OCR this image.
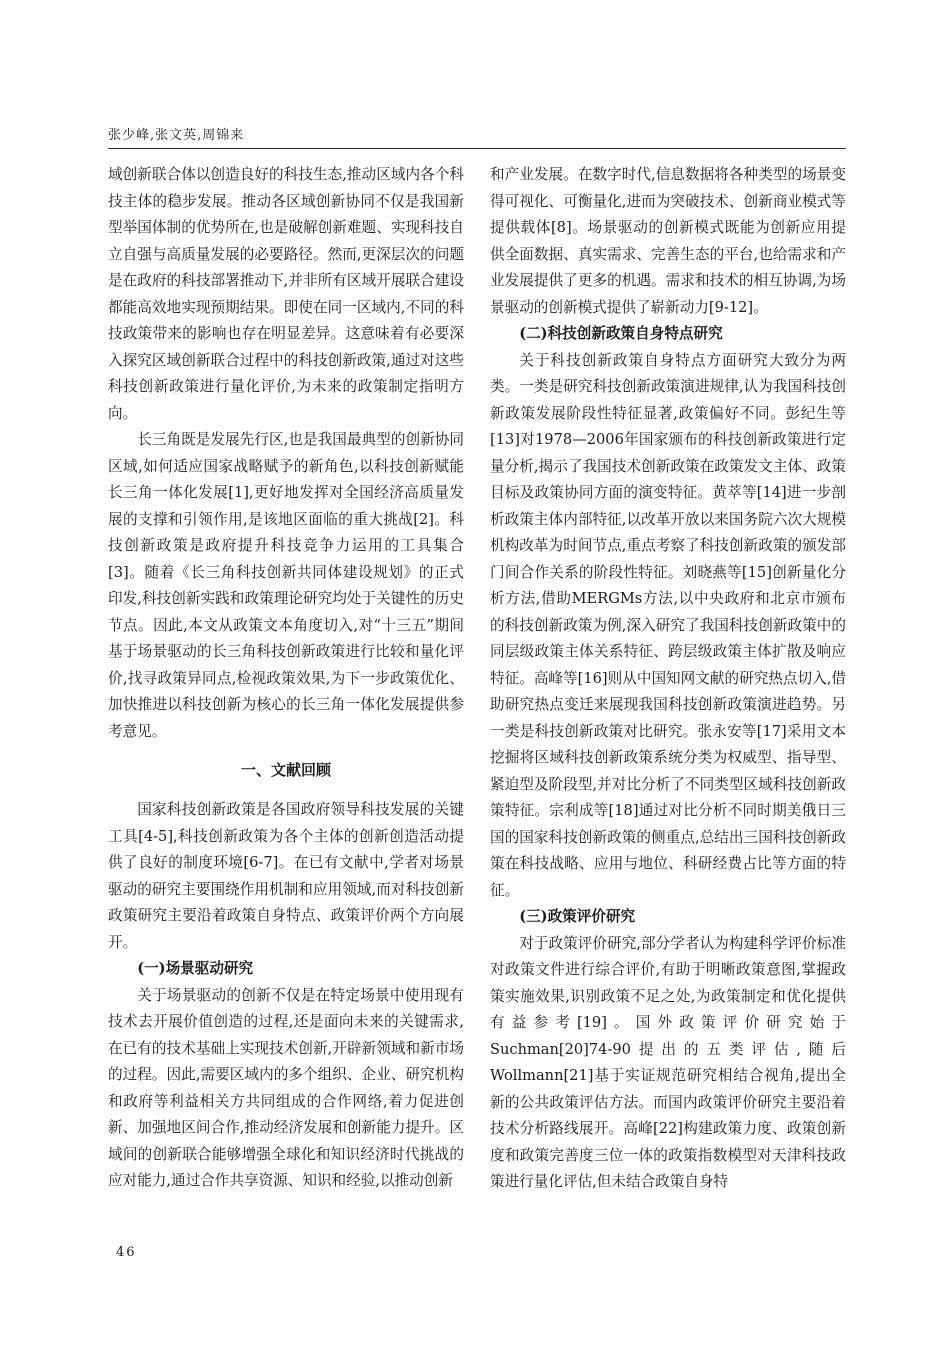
张少峰,张文英,周锦来

域创新联合体以创造良好的科技生态,推动区域内各个科技主体的稳步发展。推动各区域创新协同不仅是我国新型举国体制的优势所在,也是破解创新难题、实现科技自立自强与高质量发展的必要路径。然而,更深层次的问题是在政府的科技部署推动下,并非所有区域开展联合建设都能高效地实现预期结果。即使在同一区域内,不同的科技政策带来的影响也存在明显差异。这意味着有必要深入探究区域创新联合过程中的科技创新政策,通过对这些科技创新政策进行量化评价,为未来的政策制定指明方向。

长三角既是发展先行区,也是我国最典型的创新协同区域,如何适应国家战略赋予的新角色,以科技创新赋能长三角一体化发展[1],更好地发挥对全国经济高质量发展的支撑和引领作用,是该地区面临的重大挑战[2]。科技创新政策是政府提升科技竞争力运用的工具集合[3]。随着《长三角科技创新共同体建设规划》的正式印发,科技创新实践和政策理论研究均处于关键性的历史节点。因此,本文从政策文本角度切入,对“十三五”期间基于场景驱动的长三角科技创新政策进行比较和量化评价,找寻政策异同点,检视政策效果,为下一步政策优化、加快推进以科技创新为核心的长三角一体化发展提供参考意见。

一、文献回顾

国家科技创新政策是各国政府领导科技发展的关键工具[4-5],科技创新政策为各个主体的创新创造活动提供了良好的制度环境[6-7]。在已有文献中,学者对场景驱动的研究主要围绕作用机制和应用领域,而对科技创新政策研究主要沿着政策自身特点、政策评价两个方向展开。

(一)场景驱动研究

关于场景驱动的创新不仅是在特定场景中使用现有技术去开展价值创造的过程,还是面向未来的关键需求,在已有的技术基础上实现技术创新,开辟新领域和新市场的过程。因此,需要区域内的多个组织、企业、研究机构和政府等利益相关方共同组成的合作网络,着力促进创新、加强地区间合作,推动经济发展和创新能力提升。区域间的创新联合能够增强全球化和知识经济时代挑战的应对能力,通过合作共享资源、知识和经验,以推动创新

和产业发展。在数字时代,信息数据将各种类型的场景变得可视化、可衡量化,进而为突破技术、创新商业模式等提供载体[8]。场景驱动的创新模式既能为创新应用提供全面数据、真实需求、完善生态的平台,也给需求和产业发展提供了更多的机遇。需求和技术的相互协调,为场景驱动的创新模式提供了崭新动力[9-12]。

(二)科技创新政策自身特点研究

关于科技创新政策自身特点方面研究大致分为两类。一类是研究科技创新政策演进规律,认为我国科技创新政策发展阶段性特征显著,政策偏好不同。彭纪生等[13]对1978—2006年国家颁布的科技创新政策进行定量分析,揭示了我国技术创新政策在政策发文主体、政策目标及政策协同方面的演变特征。黄萃等[14]进一步剖析政策主体内部特征,以改革开放以来国务院六次大规模机构改革为时间节点,重点考察了科技创新政策的颁发部门间合作关系的阶段性特征。刘晓燕等[15]创新量化分析方法,借助MERGMs方法,以中央政府和北京市颁布的科技创新政策为例,深入研究了我国科技创新政策中的同层级政策主体关系特征、跨层级政策主体扩散及响应特征。高峰等[16]则从中国知网文献的研究热点切入,借助研究热点变迁来展现我国科技创新政策演进趋势。另一类是科技创新政策对比研究。张永安等[17]采用文本挖掘将区域科技创新政策系统分类为权威型、指导型、紧迫型及阶段型,并对比分析了不同类型区域科技创新政策特征。宗利成等[18]通过对比分析不同时期美俄日三国的国家科技创新政策的侧重点,总结出三国科技创新政策在科技战略、应用与地位、科研经费占比等方面的特征。

(三)政策评价研究

对于政策评价研究,部分学者认为构建科学评价标准对政策文件进行综合评价,有助于明晰政策意图,掌握政策实施效果,识别政策不足之处,为政策制定和优化提供有益参考[19]。国外政策评价研究始于Suchman[20]74-90提出的五类评估,随后Wollmann[21]基于实证规范研究相结合视角,提出全新的公共政策评估方法。而国内政策评价研究主要沿着技术分析路线展开。高峰[22]构建政策力度、政策创新度和政策完善度三位一体的政策指数模型对天津科技政策进行量化评估,但未结合政策自身特

46
